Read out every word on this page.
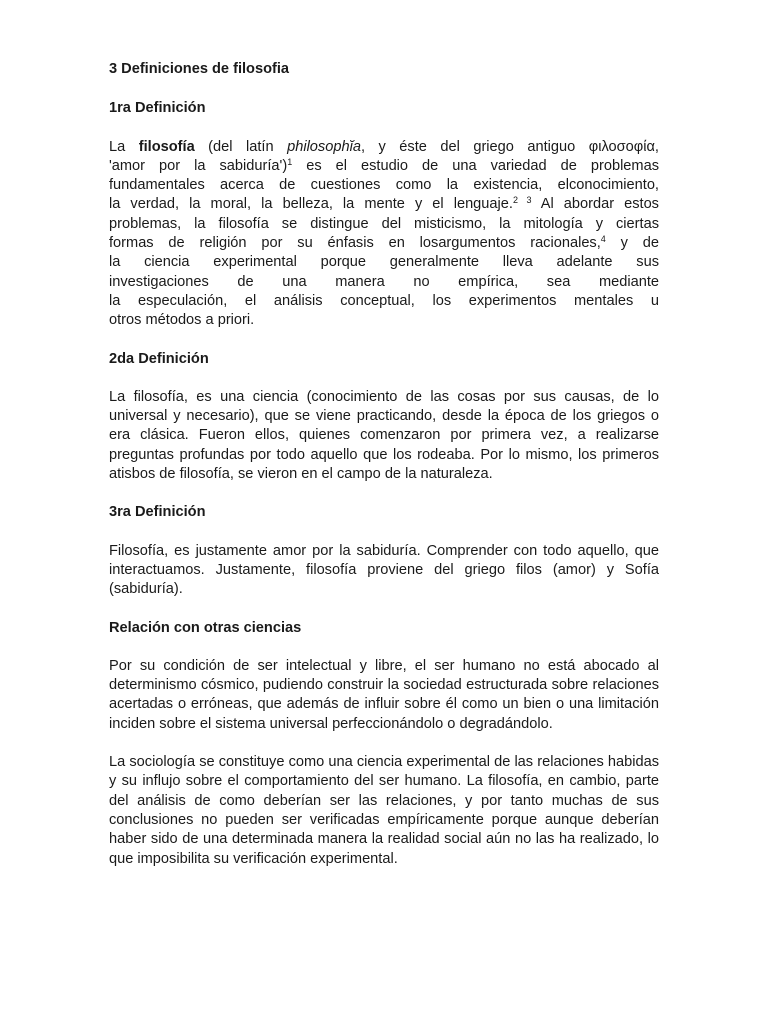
3 Definiciones de filosofia
1ra Definición

La filosofía (del latín philosophĭa, y éste del griego antiguo φιλοσοφία,
'amor por la sabiduría')$^1$ es el estudio de una variedad de problemas
fundamentales acerca de cuestiones como la existencia, elconocimiento,
la verdad, la moral, la belleza, la mente y el lenguaje.$^{2 3}$ Al abordar estos
problemas, la filosofía se distingue del misticismo, la mitología y ciertas
formas de religión por su énfasis en losargumentos racionales,$^4$ y de
la ciencia experimental porque generalmente lleva adelante sus
investigaciones de una manera no empírica, sea mediante
la especulación, el análisis conceptual, los experimentos mentales u
otros métodos a priori.

2da Definición

La filosofía, es una ciencia (conocimiento de las cosas por sus causas, de lo universal y necesario), que se viene practicando, desde la época de los griegos o era clásica. Fueron ellos, quienes comenzaron por primera vez, a realizarse preguntas profundas por todo aquello que los rodeaba. Por lo mismo, los primeros atisbos de filosofía, se vieron en el campo de la naturaleza.

3ra Definición

Filosofía, es justamente amor por la sabiduría. Comprender con todo aquello, que interactuamos. Justamente, filosofía proviene del griego filos (amor) y Sofía (sabiduría).

Relación con otras ciencias

Por su condición de ser intelectual y libre, el ser humano no está abocado al determinismo cósmico, pudiendo construir la sociedad estructurada sobre relaciones acertadas o erróneas, que además de influir sobre él como un bien o una limitación inciden sobre el sistema universal perfeccionándolo o degradándolo.

La sociología se constituye como una ciencia experimental de las relaciones habidas y su influjo sobre el comportamiento del ser humano. La filosofía, en cambio, parte del análisis de como deberían ser las relaciones, y por tanto muchas de sus conclusiones no pueden ser verificadas empíricamente porque aunque deberían haber sido de una determinada manera la realidad social aún no las ha realizado, lo que imposibilita su verificación experimental.
